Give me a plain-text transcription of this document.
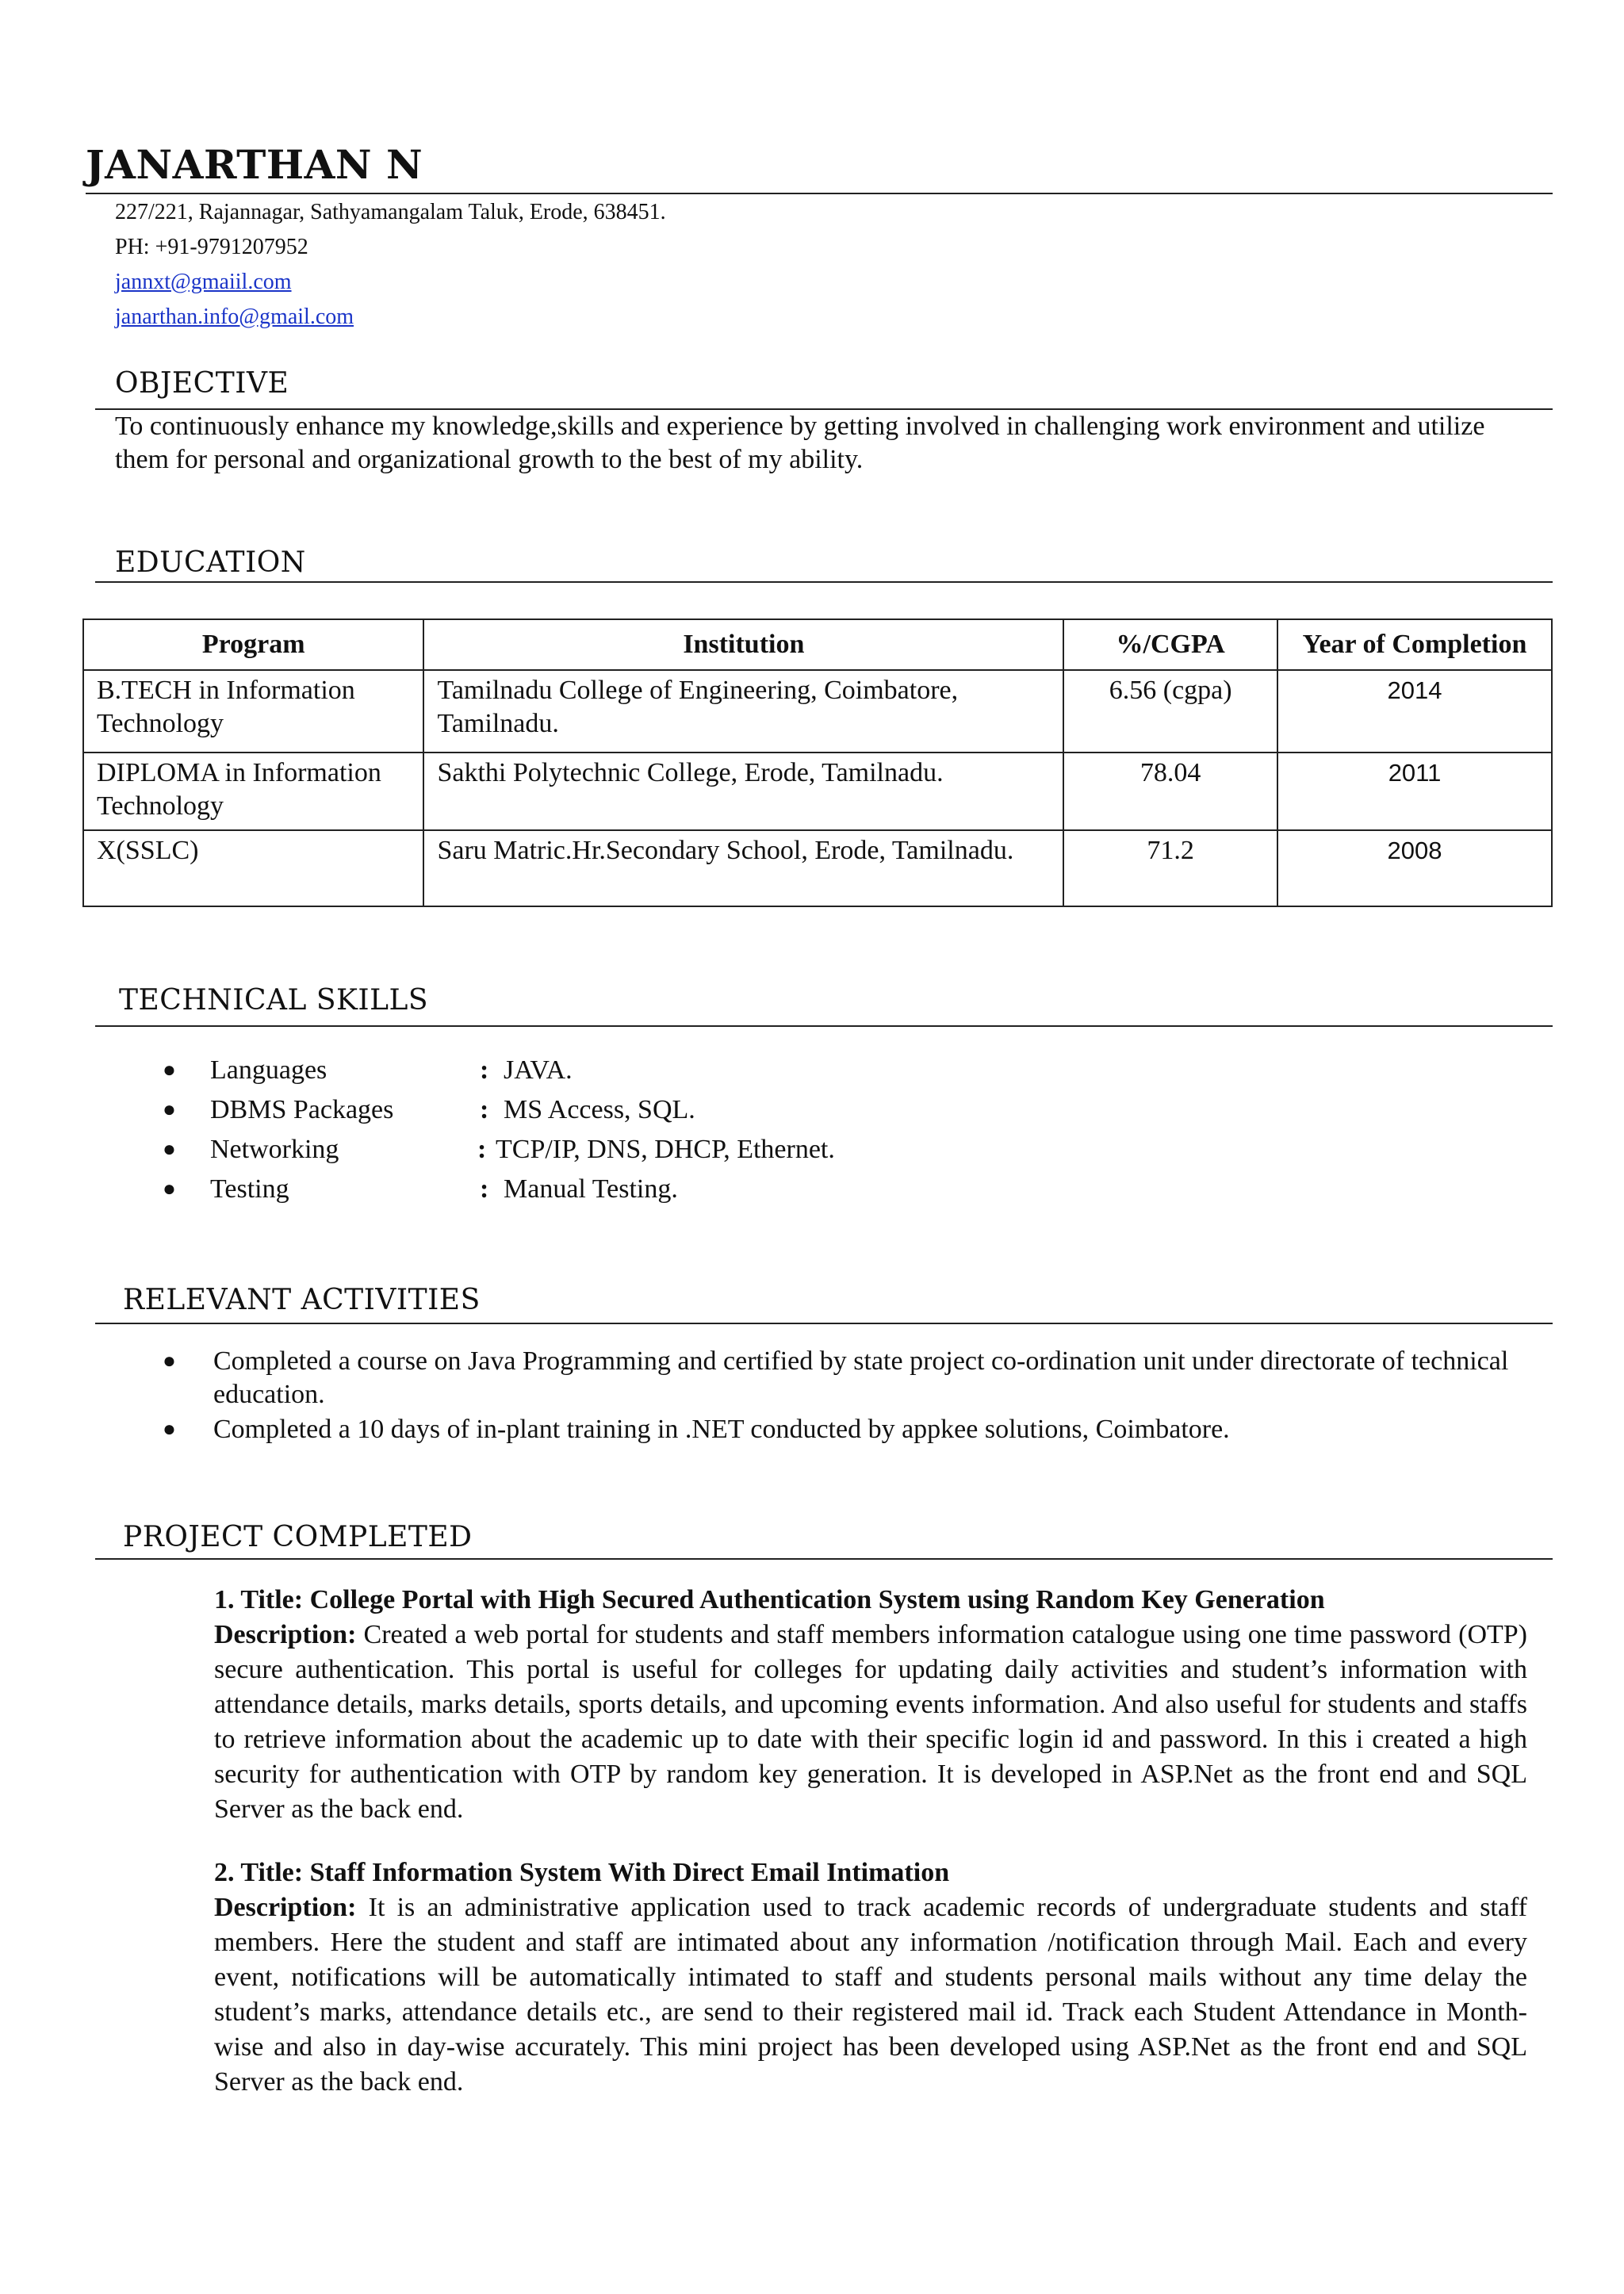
JANARTHAN N
227/221, Rajannagar, Sathyamangalam Taluk, Erode, 638451.
PH: +91-9791207952
jannxt@gmaiil.com
janarthan.info@gmail.com
OBJECTIVE
To continuously enhance my knowledge,skills and experience by getting involved in challenging work environment and utilize them for personal and organizational growth to the best of my ability.
EDUCATION
Program	Institution	%/CGPA	Year of Completion
B.TECH in Information Technology	Tamilnadu College of Engineering, Coimbatore, Tamilnadu.	6.56 (cgpa)	2014
DIPLOMA in Information Technology	Sakthi Polytechnic College, Erode, Tamilnadu.	78.04	2011
X(SSLC)	Saru Matric.Hr.Secondary School, Erode, Tamilnadu.	71.2	2008
TECHNICAL SKILLS
● Languages	: JAVA.
● DBMS Packages	: MS Access, SQL.
● Networking	: TCP/IP, DNS, DHCP, Ethernet.
● Testing	: Manual Testing.
RELEVANT ACTIVITIES
● Completed a course on Java Programming and certified by state project co-ordination unit under directorate of technical education.
● Completed a 10 days of in-plant training in .NET conducted by appkee solutions, Coimbatore.
PROJECT COMPLETED
1. Title: College Portal with High Secured Authentication System using Random Key Generation
Description: Created a web portal for students and staff members information catalogue using one time password (OTP) secure authentication. This portal is useful for colleges for updating daily activities and student’s information with attendance details, marks details, sports details, and upcoming events information. And also useful for students and staffs to retrieve information about the academic up to date with their specific login id and password. In this i created a high security for authentication with OTP by random key generation. It is developed in ASP.Net as the front end and SQL Server as the back end.
2. Title: Staff Information System With Direct Email Intimation
Description: It is an administrative application used to track academic records of undergraduate students and staff members. Here the student and staff are intimated about any information /notification through Mail. Each and every event, notifications will be automatically intimated to staff and students personal mails without any time delay the student’s marks, attendance details etc., are send to their registered mail id. Track each Student Attendance in Month-wise and also in day-wise accurately. This mini project has been developed using ASP.Net as the front end and SQL Server as the back end.
